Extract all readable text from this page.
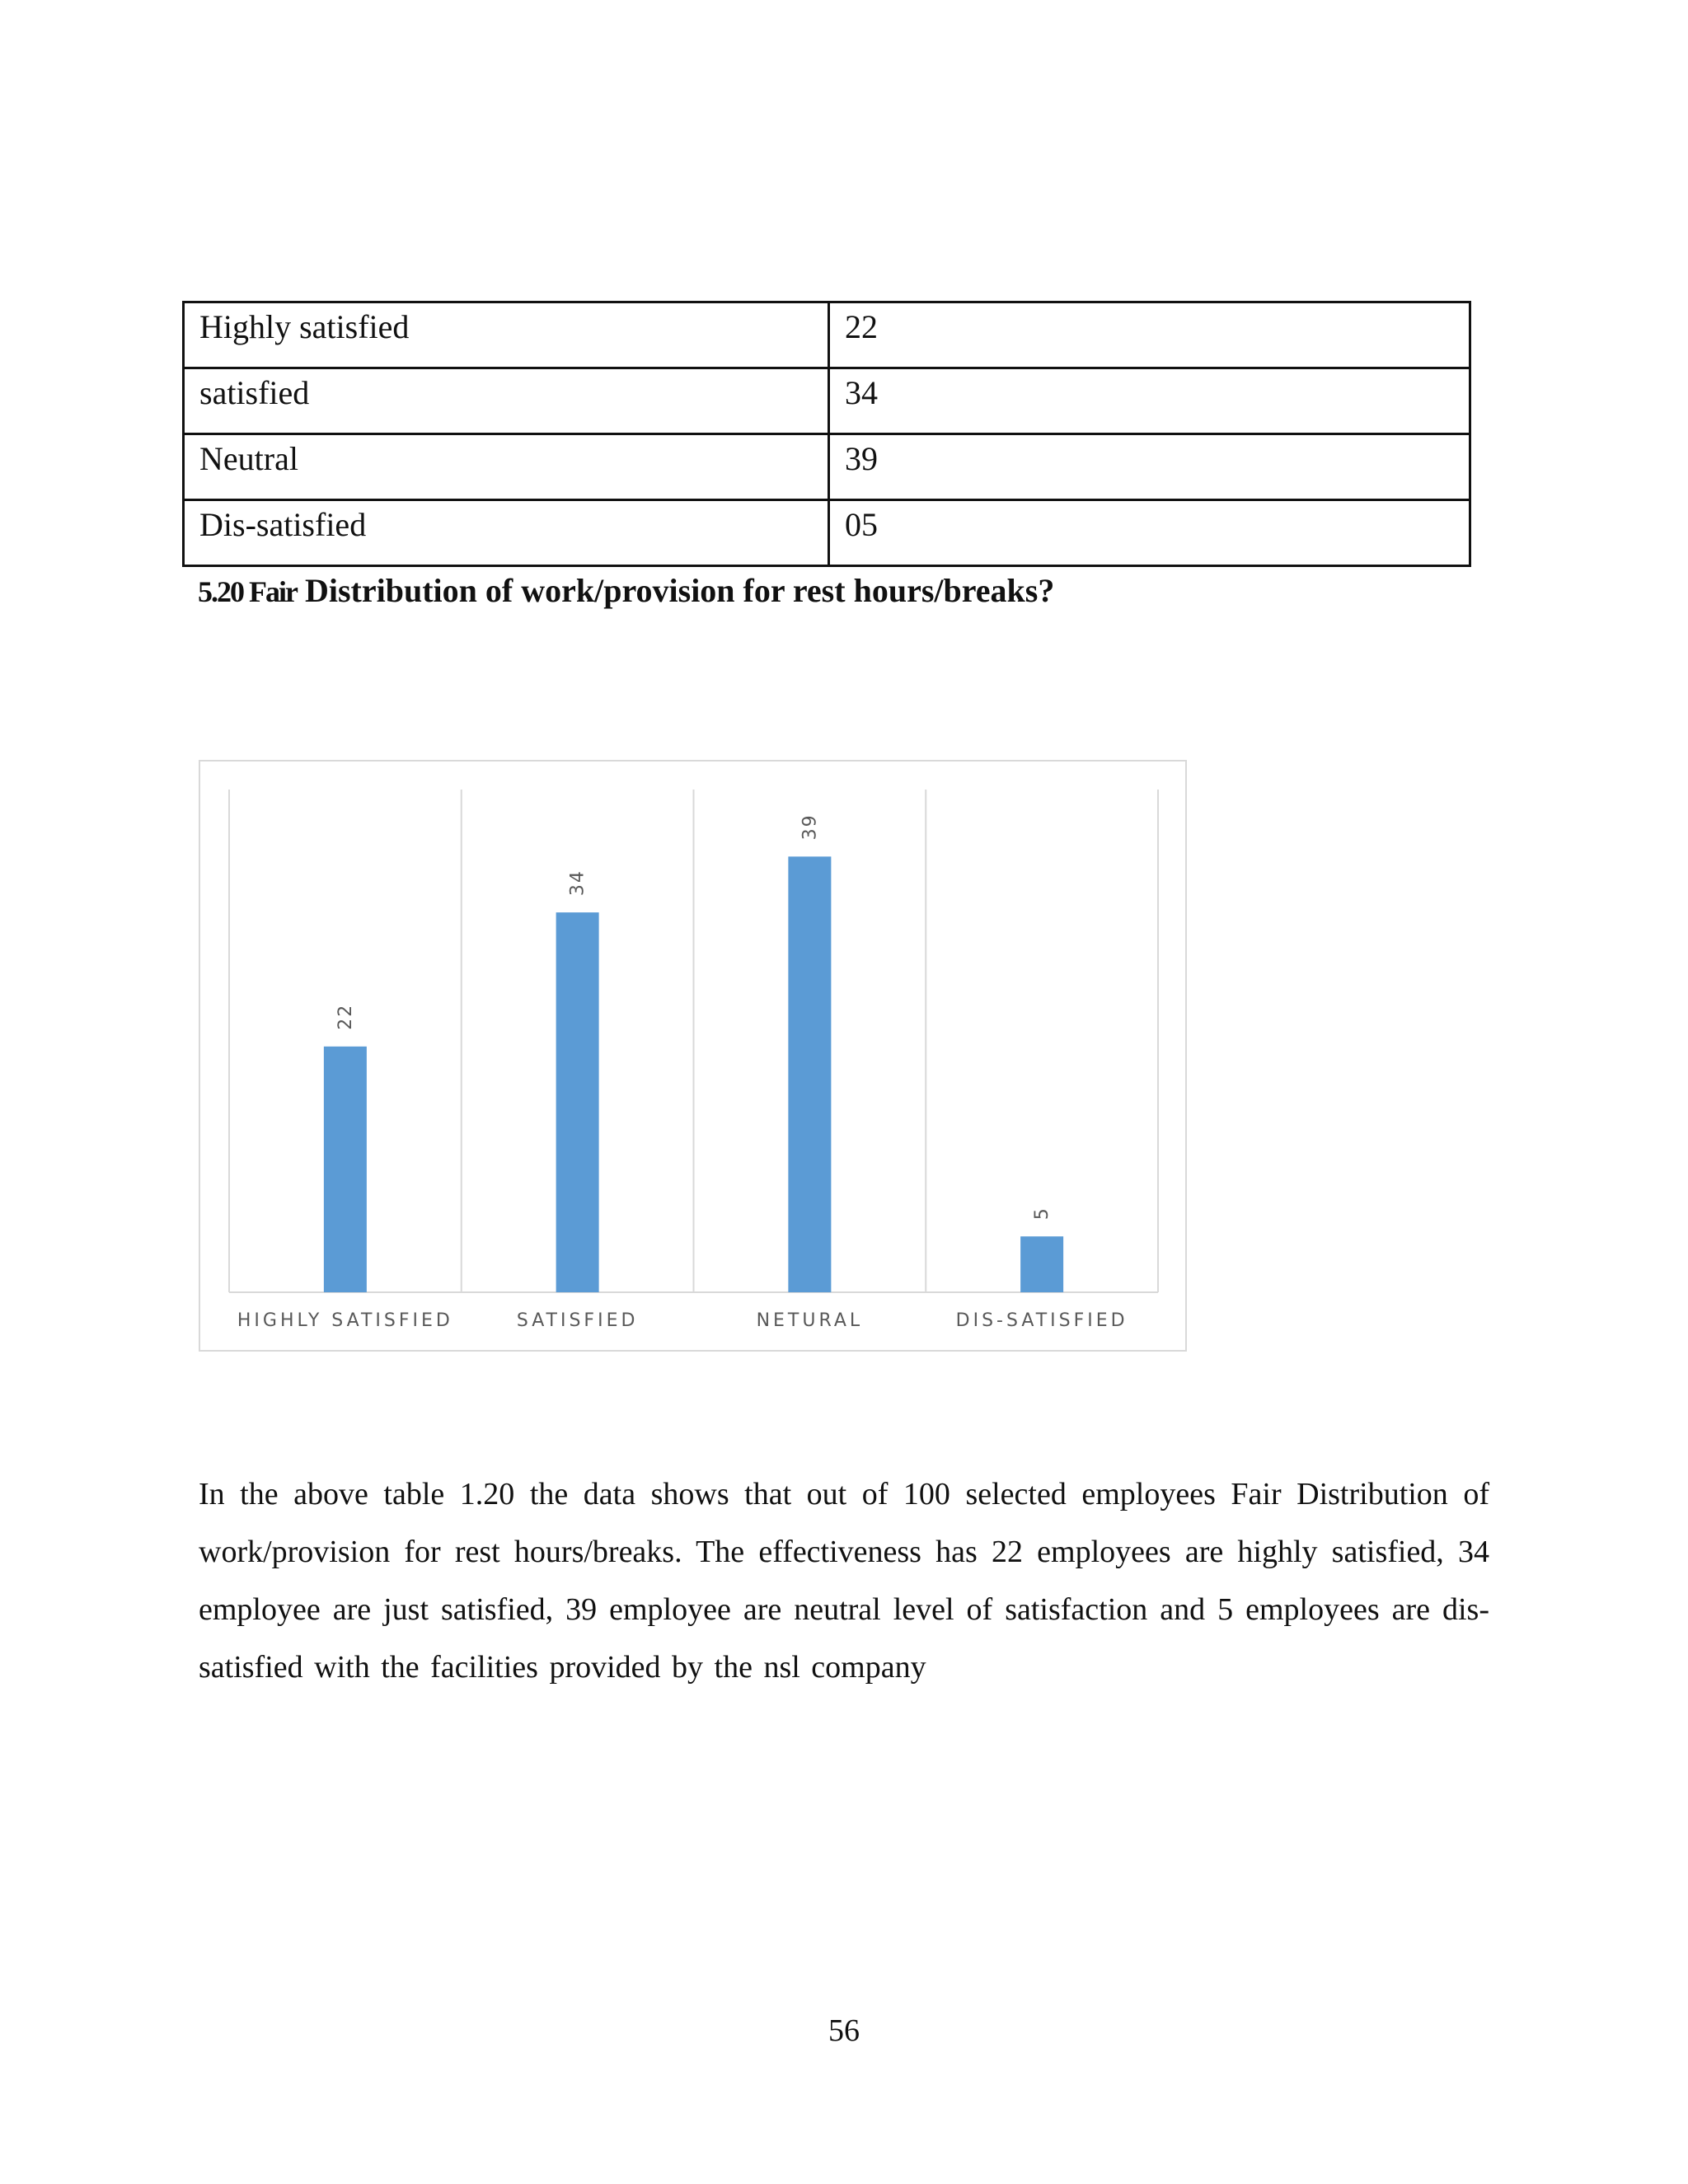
Highly satisfied	22
satisfied	34
Neutral	39
Dis-satisfied	05
5.20 Fair Distribution of work/provision for rest hours/breaks?
22
HIGHLY SATISFIED
34
SATISFIED
39
NETURAL
5
DIS-SATISFIED

In the above table 1.20 the data shows that out of 100 selected employees Fair Distribution of work/provision for rest hours/breaks. The effectiveness has 22 employees are highly satisfied, 34 employee are just satisfied, 39 employee are neutral level of satisfaction and 5 employees are dis-satisfied with the facilities provided by the nsl company

56
